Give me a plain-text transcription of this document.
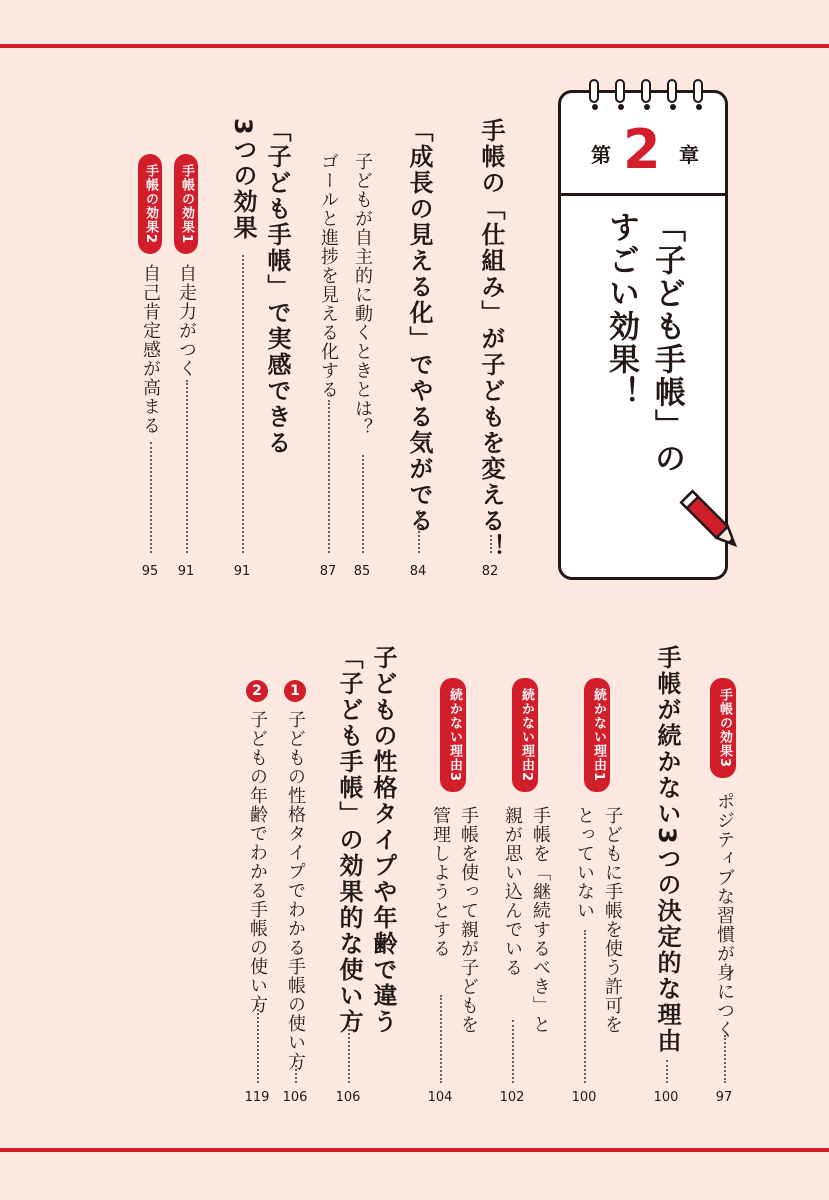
第 2 章
「子ども手帳」の
すごい効果！
手帳の「仕組み」が子どもを変える！
82
「成長の見える化」でやる気がでる
84
子どもが自主的に動くときとは？
85
ゴールと進捗を見える化する
87
「子ども手帳」で実感できる
3つの効果
91
手帳の効果1
自走力がつく
91
手帳の効果2
自己肯定感が高まる
95
手帳の効果3
ポジティブな習慣が身につく
97
手帳が続かない3つの決定的な理由
100
続かない理由1
子どもに手帳を使う許可を
とっていない
100
続かない理由2
手帳を「継続するべき」と
親が思い込んでいる
102
続かない理由3
手帳を使って親が子どもを
管理しようとする
104
子どもの性格タイプや年齢で違う
「子ども手帳」の効果的な使い方
106
1
子どもの性格タイプでわかる手帳の使い方
106
2
子どもの年齢でわかる手帳の使い方
119
